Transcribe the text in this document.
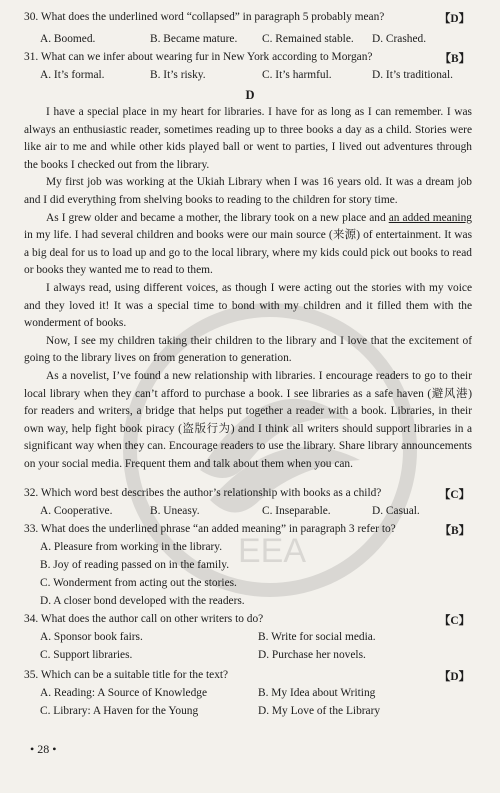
EEA
30. What does the underlined word “collapsed” in paragraph 5 probably mean?	【D】
A. Boomed.	B. Became mature. C. Remained stable. D. Crashed.
31. What can we infer about wearing fur in New York according to Morgan?	【B】
A. It’s formal.	B. It’s risky.	C. It’s harmful.	D. It’s traditional.
D

I have a special place in my heart for libraries. I have for as long as I can remember. I was always an enthusiastic reader, sometimes reading up to three books a day as a child. Stories were like air to me and while other kids played ball or went to parties, I lived out adventures through the books I checked out from the library.

My first job was working at the Ukiah Library when I was 16 years old. It was a dream job and I did everything from shelving books to reading to the children for story time.

As I grew older and became a mother, the library took on a new place and an added meaning in my life. I had several children and books were our main source (来源) of entertainment. It was a big deal for us to load up and go to the local library, where my kids could pick out books to read or books they wanted me to read to them.

I always read, using different voices, as though I were acting out the stories with my voice and they loved it! It was a special time to bond with my children and it filled them with the wonderment of books.

Now, I see my children taking their children to the library and I love that the excitement of going to the library lives on from generation to generation.

As a novelist, I’ve found a new relationship with libraries. I encourage readers to go to their local library when they can’t afford to purchase a book. I see libraries as a safe haven (避风港) for readers and writers, a bridge that helps put together a reader with a book. Libraries, in their own way, help fight book piracy (盗版行为) and I think all writers should support libraries in a significant way when they can. Encourage readers to use the library. Share library announcements on your social media. Frequent them and talk about them when you can.

32. Which word best describes the author’s relationship with books as a child?	【C】
A. Cooperative.	B. Uneasy.	C. Inseparable.	D. Casual.
33. What does the underlined phrase “an added meaning” in paragraph 3 refer to?	【B】
A. Pleasure from working in the library.
B. Joy of reading passed on in the family.
C. Wonderment from acting out the stories.
D. A closer bond developed with the readers.
34. What does the author call on other writers to do?	【C】
A. Sponsor book fairs.	B. Write for social media.
C. Support libraries.	D. Purchase her novels.
35. Which can be a suitable title for the text?	【D】
A. Reading: A Source of Knowledge	B. My Idea about Writing
C. Library: A Haven for the Young	D. My Love of the Library
• 28 •
